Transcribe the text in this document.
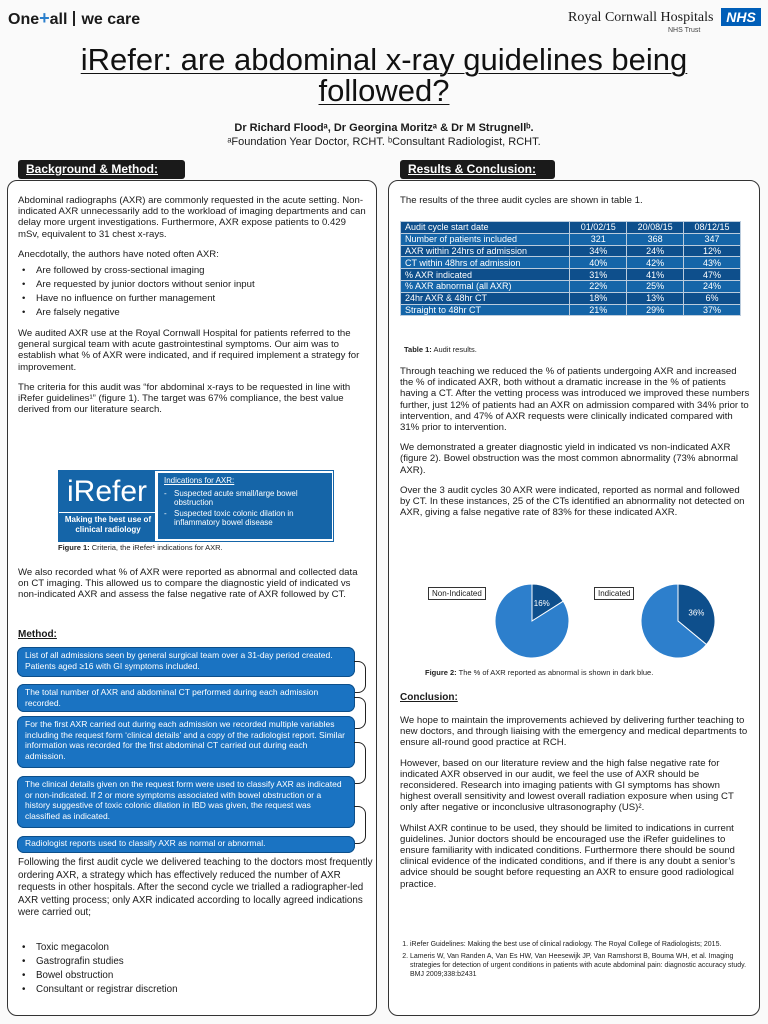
One+all we care	Royal Cornwall Hospitals
NHS Trust
NHS
iRefer: are abdominal x-ray guidelines being followed?
Dr Richard Floodᵃ, Dr Georgina Moritzᵃ & Dr M Strugnellᵇ.
ᵃFoundation Year Doctor, RCHT. ᵇConsultant Radiologist, RCHT.
Background & Method:

Abdominal radiographs (AXR) are commonly requested in the acute setting. Non-indicated AXR unnecessarily add to the workload of imaging departments and can delay more urgent investigations. Furthermore, AXR expose patients to 0.429 mSv, equivalent to 31 chest x-rays.

Anecdotally, the authors have noted often AXR:

• Are followed by cross-sectional imaging
• Are requested by junior doctors without senior input
• Have no influence on further management
• Are falsely negative

We audited AXR use at the Royal Cornwall Hospital for patients referred to the general surgical team with acute gastrointestinal symptoms. Our aim was to establish what % of AXR were indicated, and if required implement a strategy for improvement.

The criteria for this audit was “for abdominal x-rays to be requested in line with iRefer guidelines¹” (figure 1). The target was 67% compliance, the best value derived from our literature search.

iRefer
Making the best use of clinical radiology
Indications for AXR:
- Suspected acute small/large bowel obstruction
- Suspected toxic colonic dilation in inflammatory bowel disease
Figure 1: Criteria, the iRefer¹ indications for AXR.
We also recorded what % of AXR were reported as abnormal and collected data on CT imaging. This allowed us to compare the diagnostic yield of indicated vs non-indicated AXR and assess the false negative rate of AXR followed by CT.
Method:
List of all admissions seen by general surgical team over a 31-day period created. Patients aged ≥16 with GI symptoms included.
The total number of AXR and abdominal CT performed during each admission recorded.
For the first AXR carried out during each admission we recorded multiple variables including the request form ‘clinical details’ and a copy of the radiologist report. Similar information was recorded for the first abdominal CT carried out during each admission.
The clinical details given on the request form were used to classify AXR as indicated or non-indicated. If 2 or more symptoms associated with bowel obstruction or a history suggestive of toxic colonic dilation in IBD was given, the request was classified as indicated.
Radiologist reports used to classify AXR as normal or abnormal.
Following the first audit cycle we delivered teaching to the doctors most frequently ordering AXR, a strategy which has effectively reduced the number of AXR requests in other hospitals. After the second cycle we trialled a radiographer-led AXR vetting process; only AXR indicated according to locally agreed indications were carried out;
• Toxic megacolon
• Gastrografin studies
• Bowel obstruction
• Consultant or registrar discretion
Results & Conclusion:
The results of the three audit cycles are shown in table 1.
Audit cycle start date	01/02/15	20/08/15	08/12/15
Number of patients included	321	368	347
AXR within 24hrs of admission	34%	24%	12%
CT within 48hrs of admission	40%	42%	43%
% AXR indicated	31%	41%	47%
% AXR abnormal (all AXR)	22%	25%	24%
24hr AXR & 48hr CT	18%	13%	6%
Straight to 48hr CT	21%	29%	37%
Table 1: Audit results.

Through teaching we reduced the % of patients undergoing AXR and increased the % of indicated AXR, both without a dramatic increase in the % of patients having a CT. After the vetting process was introduced we improved these numbers further, just 12% of patients had an AXR on admission compared with 34% prior to intervention, and 47% of AXR requests were clinically indicated compared with 31% prior to intervention.

We demonstrated a greater diagnostic yield in indicated vs non-indicated AXR (figure 2). Bowel obstruction was the most common abnormality (73% abnormal AXR).

Over the 3 audit cycles 30 AXR were indicated, reported as normal and followed by CT. In these instances, 25 of the CTs identified an abnormality not detected on AXR, giving a false negative rate of 83% for these indicated AXR.

16%
36%
Non-Indicated	Indicated
Figure 2: The % of AXR reported as abnormal is shown in dark blue.
Conclusion:

We hope to maintain the improvements achieved by delivering further teaching to new doctors, and through liaising with the emergency and medical departments to ensure all-round good practice at RCH.

However, based on our literature review and the high false negative rate for indicated AXR observed in our audit, we feel the use of AXR should be reconsidered. Research into imaging patients with GI symptoms has shown highest overall sensitivity and lowest overall radiation exposure when using CT only after negative or inconclusive ultrasonography (US)².

Whilst AXR continue to be used, they should be limited to indications in current guidelines. Junior doctors should be encouraged use the iRefer guidelines to ensure familiarity with indicated conditions. Furthermore there should be sound clinical evidence of the indicated conditions, and if there is any doubt a senior’s advice should be sought before requesting an AXR to ensure good radiological practice.

1. iRefer Guidelines: Making the best use of clinical radiology. The Royal College of Radiologists; 2015.
2. Lameris W, Van Randen A, Van Es HW, Van Heesewijk JP, Van Ramshorst B, Bouma WH, et al. Imaging strategies for detection of urgent conditions in patients with acute abdominal pain: diagnostic accuracy study. BMJ 2009;338:b2431
